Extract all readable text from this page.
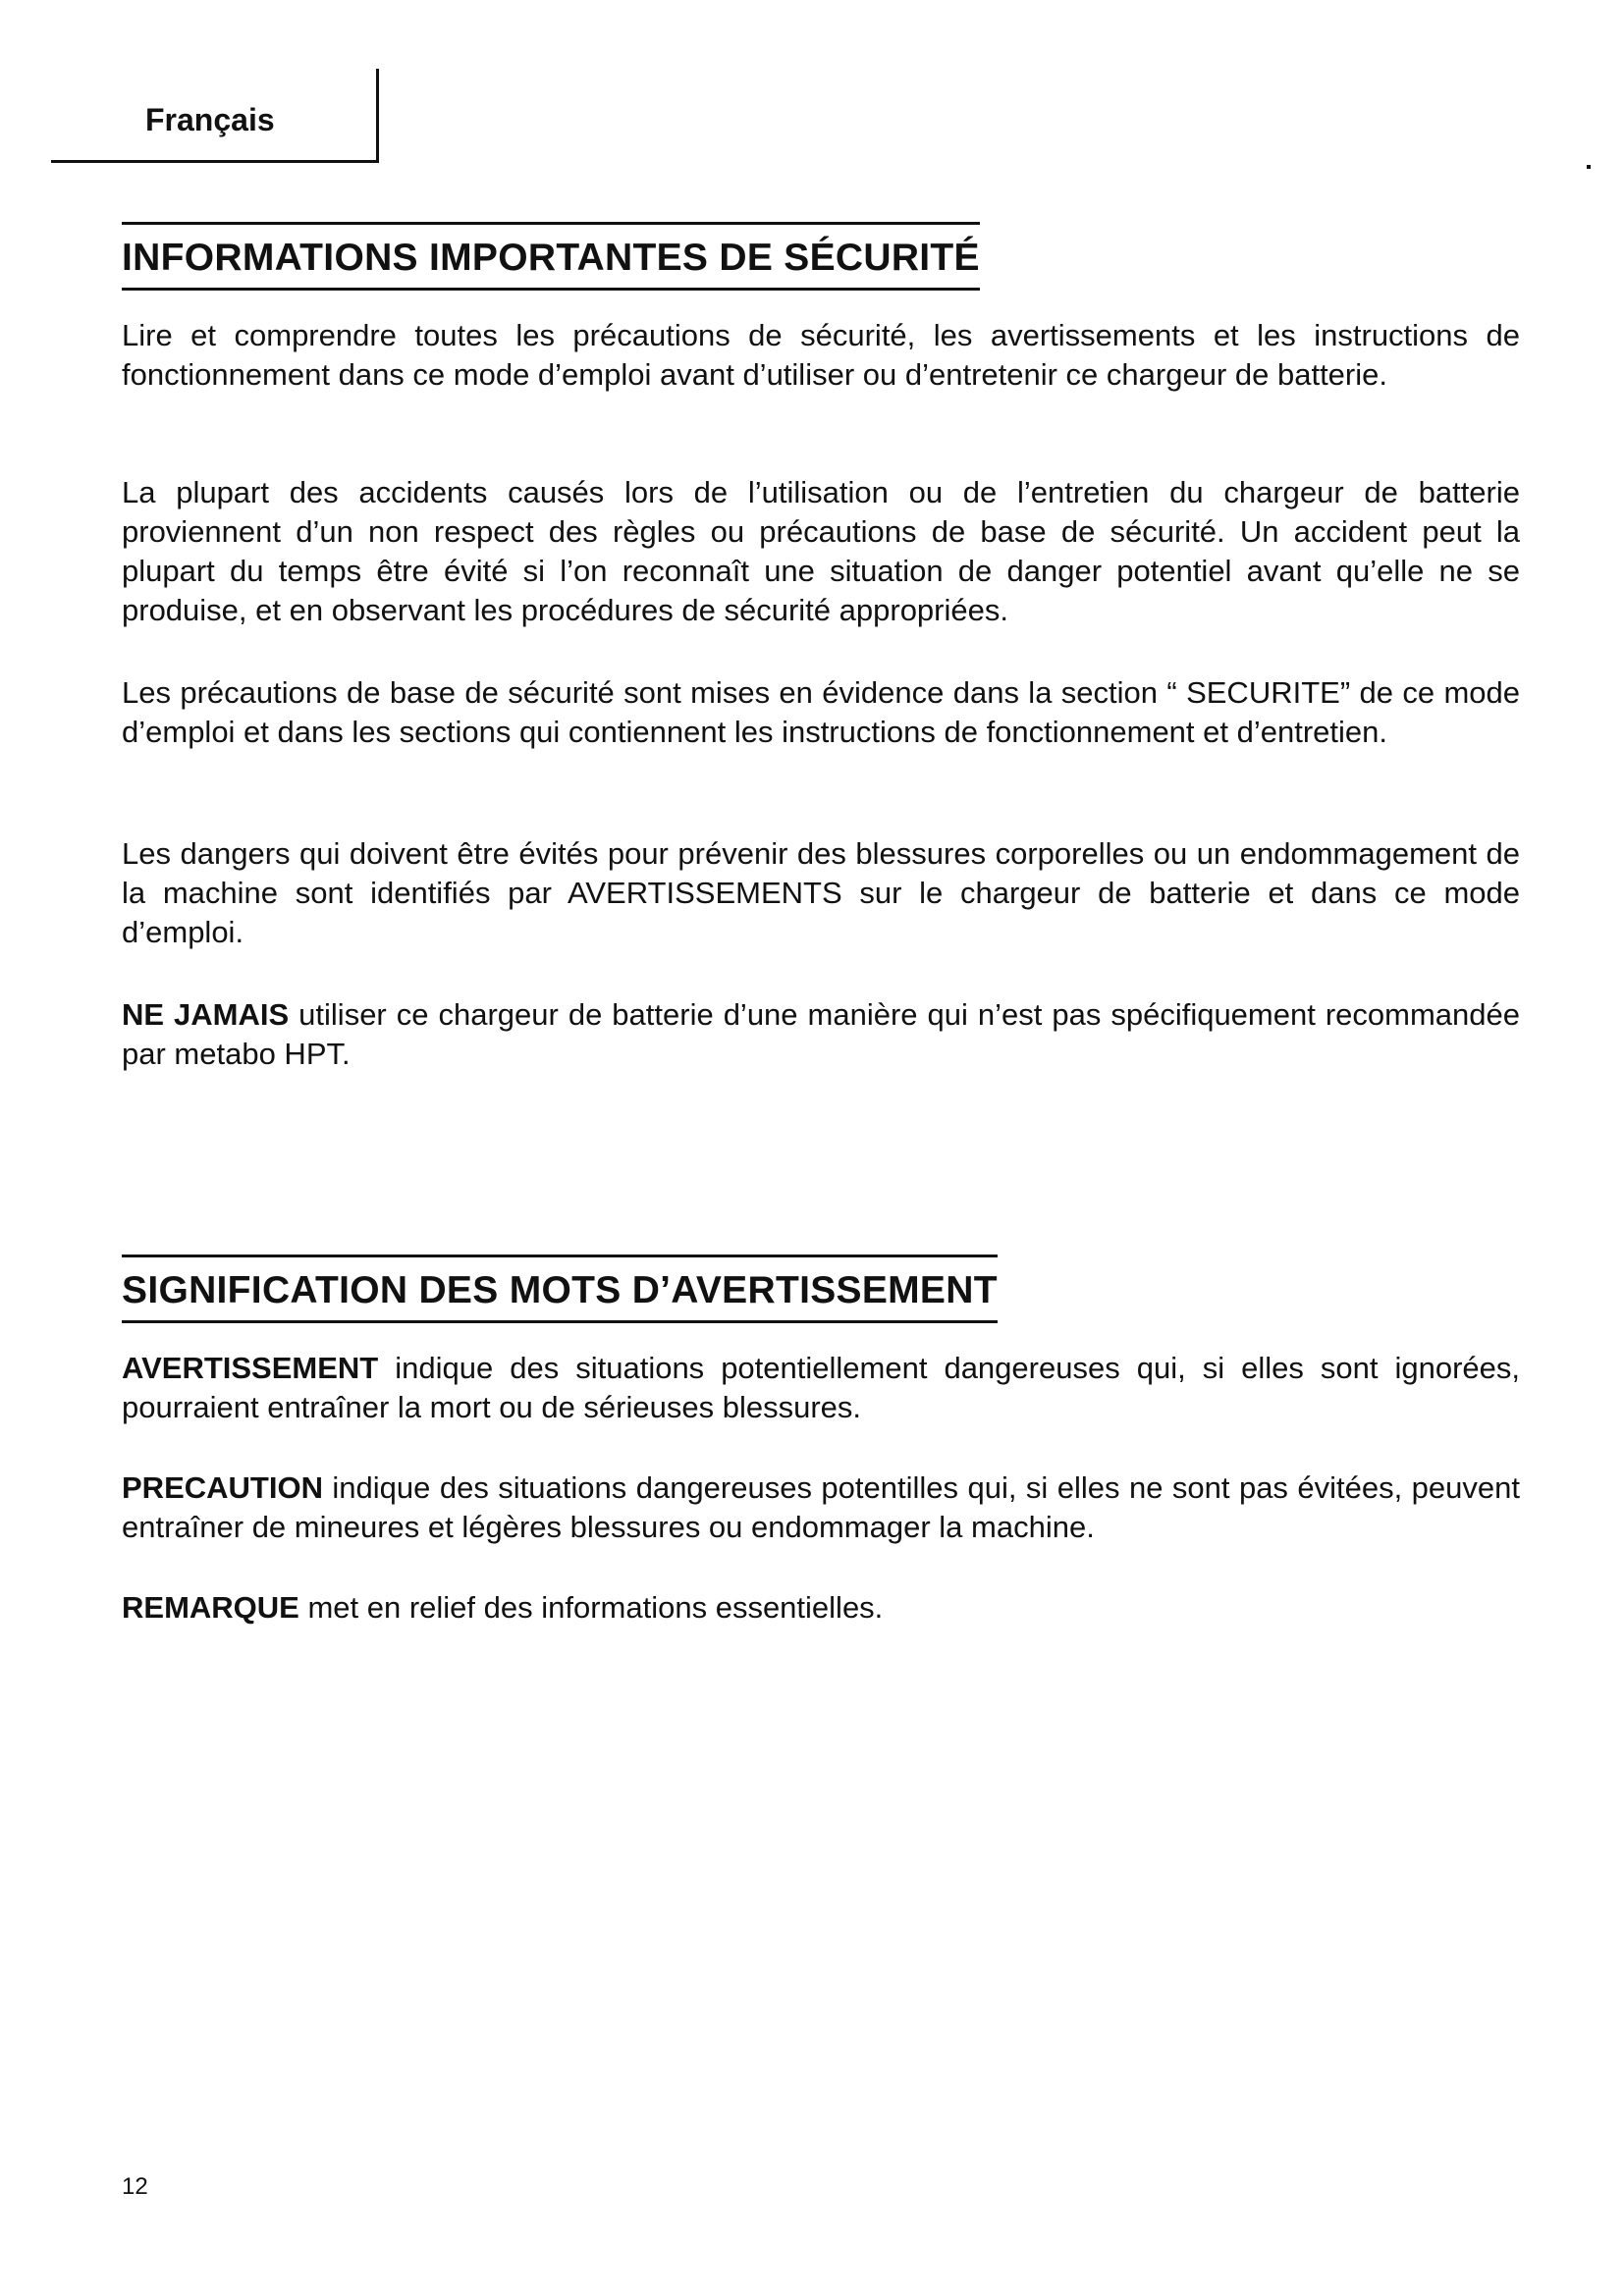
Français
INFORMATIONS IMPORTANTES DE SÉCURITÉ

Lire et comprendre toutes les précautions de sécurité, les avertissements et les instructions de fonctionnement dans ce mode d’emploi avant d’utiliser ou d’entretenir ce chargeur de batterie.

La plupart des accidents causés lors de l’utilisation ou de l’entretien du chargeur de batterie proviennent d’un non respect des règles ou précautions de base de sécurité. Un accident peut la plupart du temps être évité si l’on reconnaît une situation de danger potentiel avant qu’elle ne se produise, et en observant les procédures de sécurité appropriées.

Les précautions de base de sécurité sont mises en évidence dans la section “ SECURITE” de ce mode d’emploi et dans les sections qui contiennent les instructions de fonctionnement et d’entretien.

Les dangers qui doivent être évités pour prévenir des blessures corporelles ou un endommagement de la machine sont identifiés par AVERTISSEMENTS sur le chargeur de batterie et dans ce mode d’emploi.

NE JAMAIS utiliser ce chargeur de batterie d’une manière qui n’est pas spécifiquement recommandée par metabo HPT.

SIGNIFICATION DES MOTS D’AVERTISSEMENT

AVERTISSEMENT indique des situations potentiellement dangereuses qui, si elles sont ignorées, pourraient entraîner la mort ou de sérieuses blessures.

PRECAUTION indique des situations dangereuses potentilles qui, si elles ne sont pas évitées, peuvent entraîner de mineures et légères blessures ou endommager la machine.

REMARQUE met en relief des informations essentielles.

12
